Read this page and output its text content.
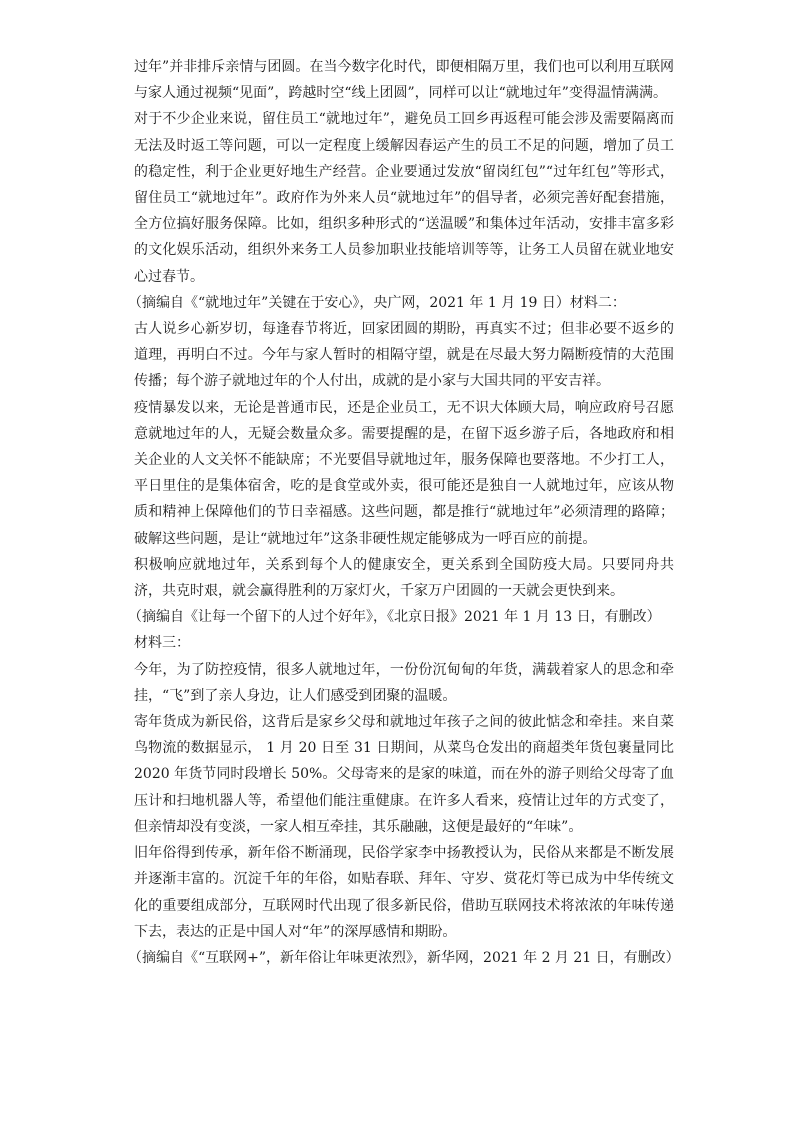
过年”并非排斥亲情与团圆。在当今数字化时代，即便相隔万里，我们也可以利用互联网与家人通过视频“见面”，跨越时空“线上团圆”，同样可以让“就地过年”变得温情满满。

对于不少企业来说，留住员工“就地过年”，避免员工回乡再返程可能会涉及需要隔离而无法及时返工等问题，可以一定程度上缓解因春运产生的员工不足的问题，增加了员工的稳定性，利于企业更好地生产经营。企业要通过发放“留岗红包”“过年红包”等形式，留住员工“就地过年”。政府作为外来人员“就地过年”的倡导者，必须完善好配套措施，全方位搞好服务保障。比如，组织多种形式的“送温暖”和集体过年活动，安排丰富多彩的文化娱乐活动，组织外来务工人员参加职业技能培训等等，让务工人员留在就业地安心过春节。

（摘编自《“就地过年”关键在于安心》，央广网，2021 年 1 月 19 日）材料二：

古人说乡心新岁切，每逢春节将近，回家团圆的期盼，再真实不过；但非必要不返乡的道理，再明白不过。今年与家人暂时的相隔守望，就是在尽最大努力隔断疫情的大范围传播；每个游子就地过年的个人付出，成就的是小家与大国共同的平安吉祥。

疫情暴发以来，无论是普通市民，还是企业员工，无不识大体顾大局，响应政府号召愿意就地过年的人，无疑会数量众多。需要提醒的是，在留下返乡游子后，各地政府和相关企业的人文关怀不能缺席；不光要倡导就地过年，服务保障也要落地。不少打工人，平日里住的是集体宿舍，吃的是食堂或外卖，很可能还是独自一人就地过年，应该从物质和精神上保障他们的节日幸福感。这些问题，都是推行“就地过年”必须清理的路障；破解这些问题，是让“就地过年”这条非硬性规定能够成为一呼百应的前提。

积极响应就地过年，关系到每个人的健康安全，更关系到全国防疫大局。只要同舟共济，共克时艰，就会赢得胜利的万家灯火，千家万户团圆的一天就会更快到来。

（摘编自《让每一个留下的人过个好年》，《北京日报》2021 年 1 月 13 日，有删改）

材料三：

今年，为了防控疫情，很多人就地过年，一份份沉甸甸的年货，满载着家人的思念和牵挂，“飞”到了亲人身边，让人们感受到团聚的温暖。

寄年货成为新民俗，这背后是家乡父母和就地过年孩子之间的彼此惦念和牵挂。来自菜鸟物流的数据显示， 1 月 20 日至 31 日期间，从菜鸟仓发出的商超类年货包裹量同比 2020 年货节同时段增长 50%。父母寄来的是家的味道，而在外的游子则给父母寄了血压计和扫地机器人等，希望他们能注重健康。在许多人看来，疫情让过年的方式变了，但亲情却没有变淡，一家人相互牵挂，其乐融融，这便是最好的“年味”。

旧年俗得到传承，新年俗不断涌现，民俗学家李中扬教授认为，民俗从来都是不断发展并逐渐丰富的。沉淀千年的年俗，如贴春联、拜年、守岁、赏花灯等已成为中华传统文化的重要组成部分，互联网时代出现了很多新民俗，借助互联网技术将浓浓的年味传递下去，表达的正是中国人对“年”的深厚感情和期盼。

（摘编自《“互联网+”，新年俗让年味更浓烈》，新华网，2021 年 2 月 21 日，有删改）
